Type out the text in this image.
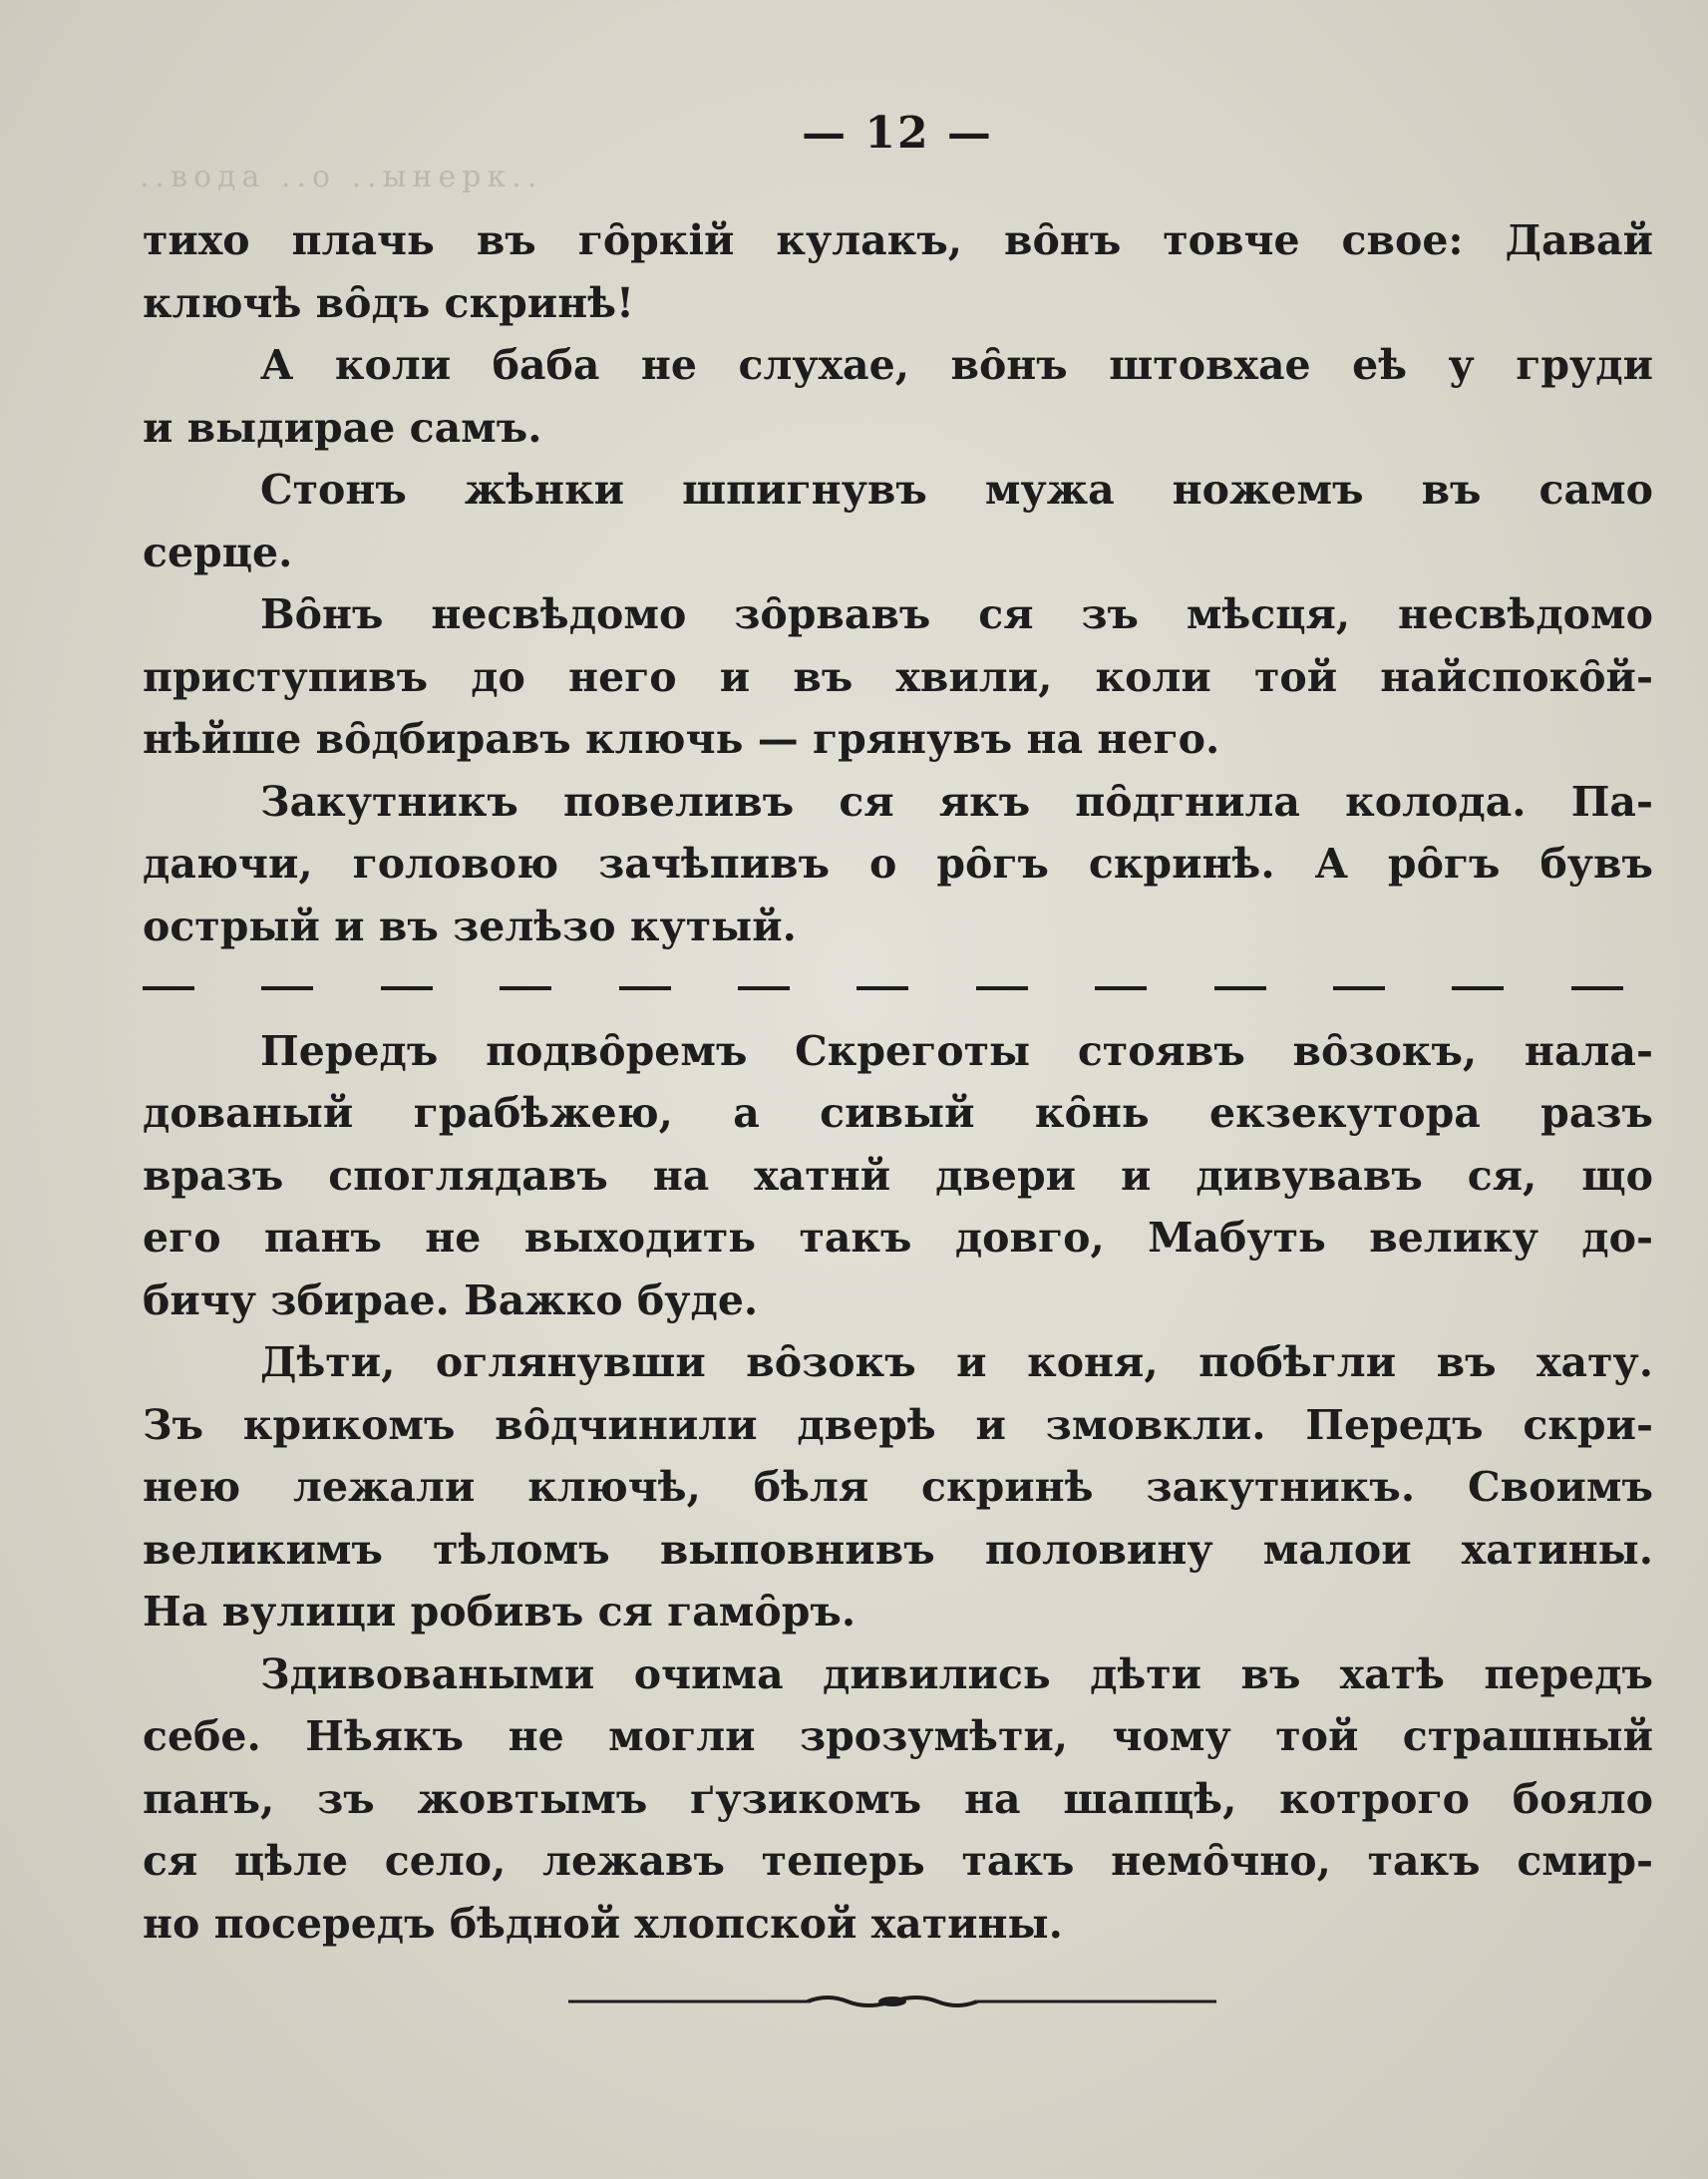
..вода ..о ..ынерк..
— 12 —
тихо плачь въ гȏркiй кулакъ, вȏнъ товче свое: Давай
ключѣ вȏдъ скринѣ!
А коли баба не слухае, вȏнъ штовхае еѣ у груди
и выдирае самъ.
Стонъ жѣнки шпигнувъ мужа ножемъ въ само
серце.
Вȏнъ несвѣдомо зȏрвавъ ся зъ мѣсця, несвѣдомо
приступивъ до него и въ хвили, коли той найспокȏй-
нѣйше вȏдбиравъ ключь — грянувъ на него.
Закутникъ повеливъ ся якъ пȏдгнила колода. Па-
даючи, головою зачѣпивъ о рȏгъ скринѣ. А рȏгъ бувъ
острый и въ зелѣзо кутый.
Передъ подвȏремъ Скреготы стоявъ вȏзокъ, нала-
дованый грабѣжею, а сивый кȏнь екзекутора разъ
вразъ споглядавъ на хатнй двери и дивувавъ ся, що
его панъ не выходить такъ довго, Мабуть велику до-
бичу збирае. Важко буде.
Дѣти, оглянувши вȏзокъ и коня, побѣгли въ хату.
Зъ крикомъ вȏдчинили дверѣ и змовкли. Передъ скри-
нею лежали ключѣ, бѣля скринѣ закутникъ. Своимъ
великимъ тѣломъ выповнивъ половину малои хатины.
На вулици робивъ ся гамȏръ.
Здивоваными очима дивились дѣти въ хатѣ передъ
себе. Нѣякъ не могли зрозумѣти, чому той страшный
панъ, зъ жовтымъ ґузикомъ на шапцѣ, котрого бояло
ся цѣле село, лежавъ теперь такъ немȏчно, такъ смир-
но посередъ бѣдной хлопской хатины.
